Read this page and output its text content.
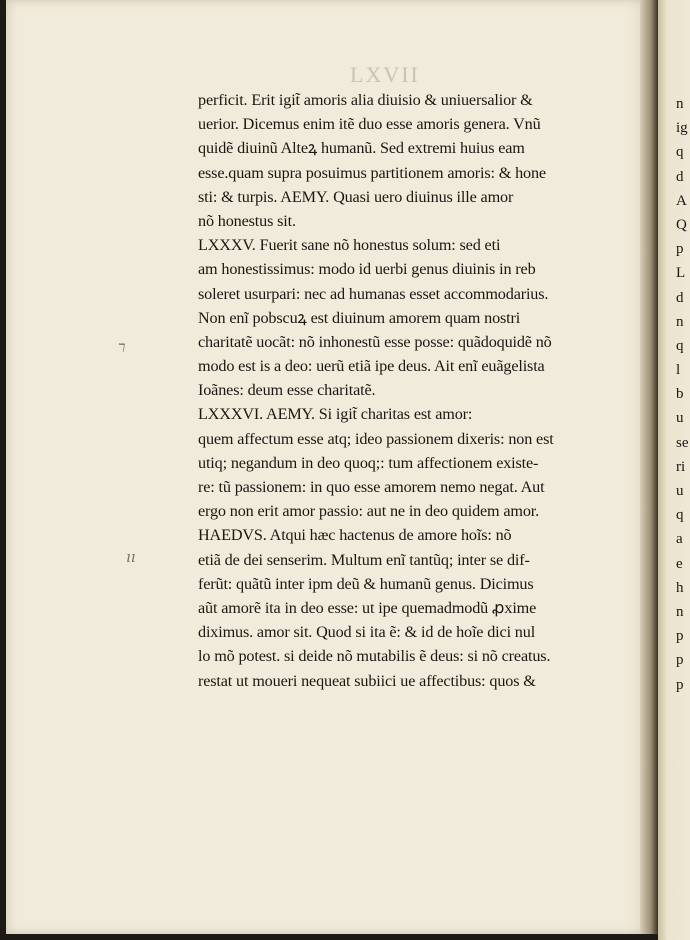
LXVII
ר
ıı
perficit. Erit igit̃ amoris alia diuisio & uniuersalior &
uerior. Dicemus enim itẽ duo esse amoris genera. Vnũ
quidẽ diuinũ Alteꝝ humanũ. Sed extremi huius eam
esse.quam supra posuimus partitionem amoris: & hone
sti: & turpis. AEMY. Quasi uero diuinus ille amor
nõ honestus sit.
LXXXV. Fuerit sane nõ honestus solum: sed eti
am honestissimus: modo id uerbi genus diuinis in reb
soleret usurpari: nec ad humanas esset accommodarius.
Non enĩ pobscuꝝ est diuinum amorem quam nostri
charitatẽ uocãt: nõ inhonestũ esse posse: quãdoquidẽ nõ
modo est is a deo: uerũ etiã ipe deus. Ait enĩ euãgelista
Ioãnes: deum esse charitatẽ.
LXXXVI. AEMY. Si igit̃ charitas est amor:
quem affectum esse atq; ideo passionem dixeris: non est
utiq; negandum in deo quoq;: tum affectionem existe-
re: tũ passionem: in quo esse amorem nemo negat. Aut
ergo non erit amor passio: aut ne in deo quidem amor.
HAEDVS. Atqui hæc hactenus de amore hoĩs: nõ
etiã de dei senserim. Multum enĩ tantũq; inter se dif-
ferũt: quãtũ inter ipm deũ & humanũ genus. Dicimus
aũt amorẽ ita in deo esse: ut ipe quemadmodũ ꝓxime
diximus. amor sit. Quod si ita ẽ: & id de hoĩe dici nul
lo mõ potest. si deide nõ mutabilis ẽ deus: si nõ creatus.
restat ut moueri nequeat subiici ue affectibus: quos &
n
ig
q
d
A
Q
p
L
d
n
q
l
b
u
se
ri
u
q
a
e
h
n
p
p
p
